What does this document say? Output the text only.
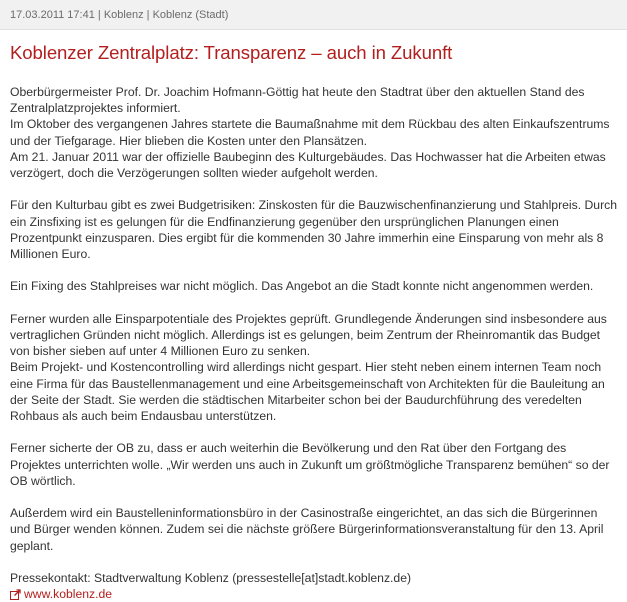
17.03.2011 17:41 | Koblenz | Koblenz (Stadt)
Koblenzer Zentralplatz: Transparenz – auch in Zukunft

Oberbürgermeister Prof. Dr. Joachim Hofmann-Göttig hat heute den Stadtrat über den aktuellen Stand des Zentralplatzprojektes informiert.
Im Oktober des vergangenen Jahres startete die Baumaßnahme mit dem Rückbau des alten Einkaufszentrums und der Tiefgarage. Hier blieben die Kosten unter den Plansätzen.
Am 21. Januar 2011 war der offizielle Baubeginn des Kulturgebäudes. Das Hochwasser hat die Arbeiten etwas verzögert, doch die Verzögerungen sollten wieder aufgeholt werden.

Für den Kulturbau gibt es zwei Budgetrisiken: Zinskosten für die Bauzwischenfinanzierung und Stahlpreis. Durch ein Zinsfixing ist es gelungen für die Endfinanzierung gegenüber den ursprünglichen Planungen einen Prozentpunkt einzusparen. Dies ergibt für die kommenden 30 Jahre immerhin eine Einsparung von mehr als 8 Millionen Euro.

Ein Fixing des Stahlpreises war nicht möglich. Das Angebot an die Stadt konnte nicht angenommen werden.

Ferner wurden alle Einsparpotentiale des Projektes geprüft. Grundlegende Änderungen sind insbesondere aus vertraglichen Gründen nicht möglich. Allerdings ist es gelungen, beim Zentrum der Rheinromantik das Budget von bisher sieben auf unter 4 Millionen Euro zu senken.
Beim Projekt- und Kostencontrolling wird allerdings nicht gespart. Hier steht neben einem internen Team noch eine Firma für das Baustellenmanagement und eine Arbeitsgemeinschaft von Architekten für die Bauleitung an der Seite der Stadt. Sie werden die städtischen Mitarbeiter schon bei der Baudurchführung des veredelten Rohbaus als auch beim Endausbau unterstützen.

Ferner sicherte der OB zu, dass er auch weiterhin die Bevölkerung und den Rat über den Fortgang des Projektes unterrichten wolle. „Wir werden uns auch in Zukunft um größtmögliche Transparenz bemühen“ so der OB wörtlich.

Außerdem wird ein Baustelleninformationsbüro in der Casinostraße eingerichtet, an das sich die Bürgerinnen und Bürger wenden können. Zudem sei die nächste größere Bürgerinformationsveranstaltung für den 13. April geplant.

Pressekontakt: Stadtverwaltung Koblenz (pressestelle[at]stadt.koblenz.de)
www.koblenz.de
